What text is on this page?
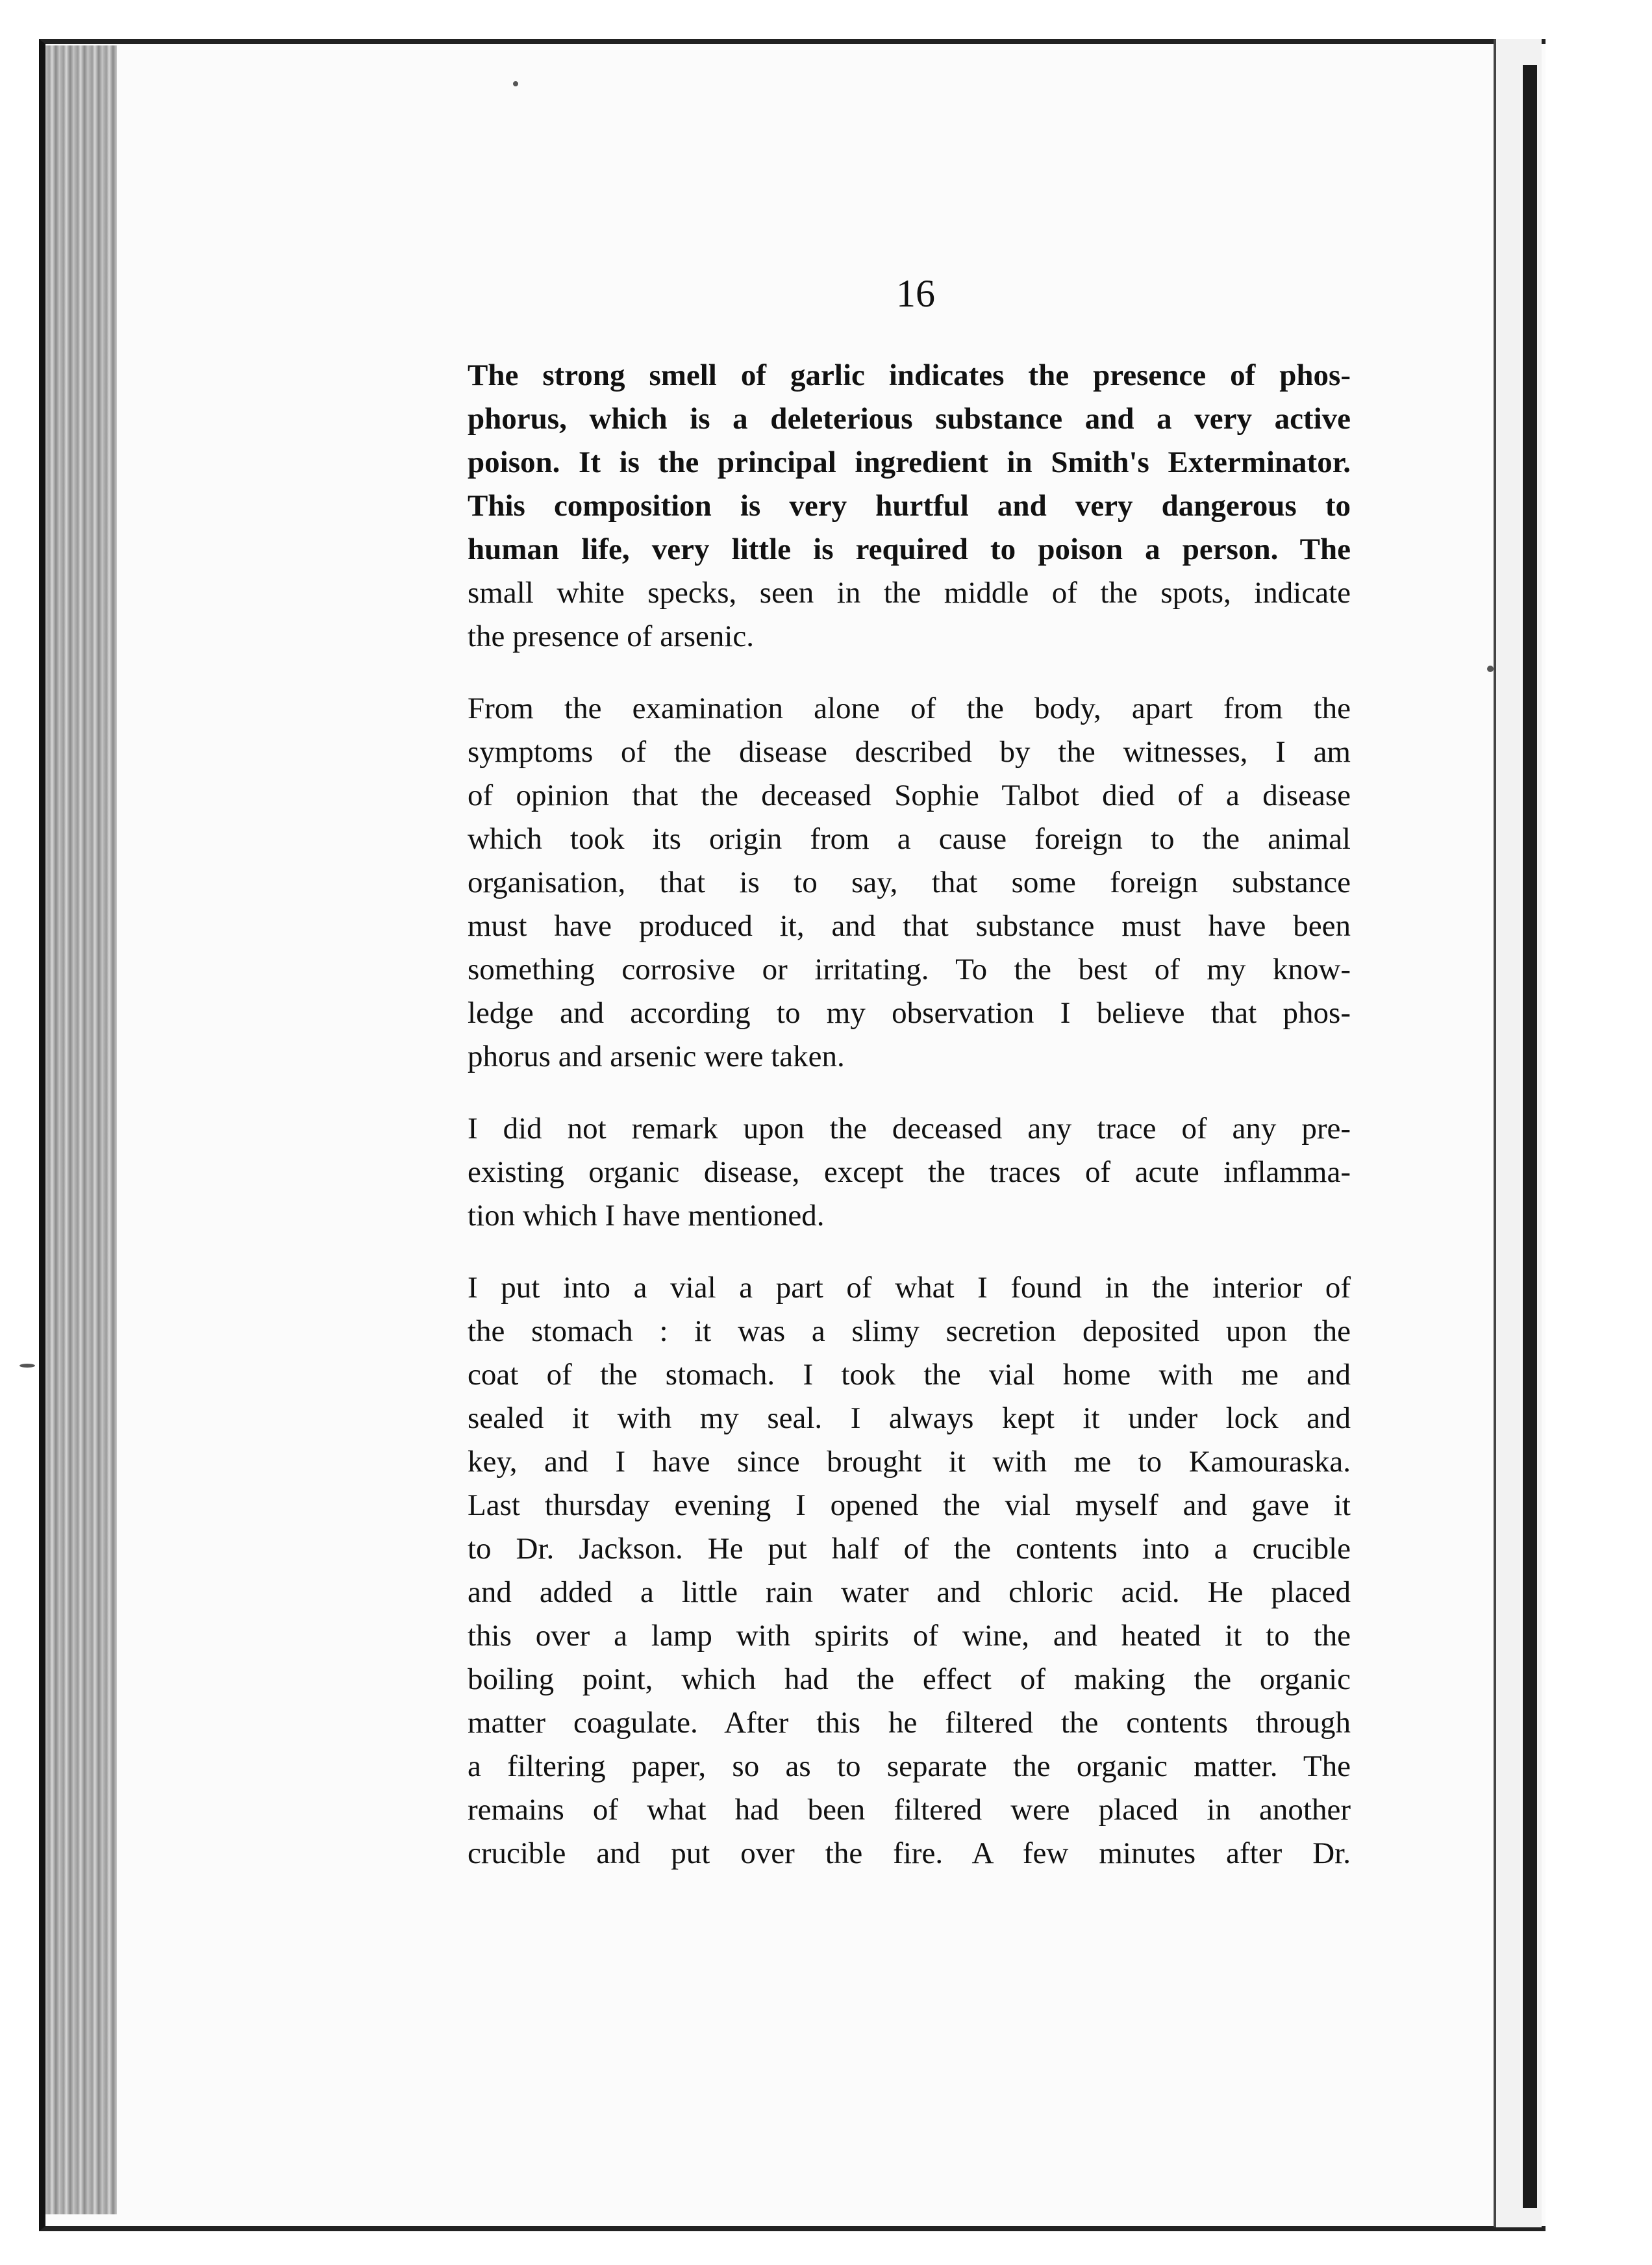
16
The strong smell of garlic indicates the presence of phos-
phorus, which is a deleterious substance and a very active
poison. It is the principal ingredient in Smith's Exterminator.
This composition is very hurtful and very dangerous to
human life, very little is required to poison a person. The
small white specks, seen in the middle of the spots, indicate
the presence of arsenic.
From the examination alone of the body, apart from the
symptoms of the disease described by the witnesses, I am
of opinion that the deceased Sophie Talbot died of a disease
which took its origin from a cause foreign to the animal
organisation, that is to say, that some foreign substance
must have produced it, and that substance must have been
something corrosive or irritating. To the best of my know-
ledge and according to my observation I believe that phos-
phorus and arsenic were taken.
I did not remark upon the deceased any trace of any pre-
existing organic disease, except the traces of acute inflamma-
tion which I have mentioned.
I put into a vial a part of what I found in the interior of
the stomach : it was a slimy secretion deposited upon the
coat of the stomach. I took the vial home with me and
sealed it with my seal. I always kept it under lock and
key, and I have since brought it with me to Kamouraska.
Last thursday evening I opened the vial myself and gave it
to Dr. Jackson. He put half of the contents into a crucible
and added a little rain water and chloric acid. He placed
this over a lamp with spirits of wine, and heated it to the
boiling point, which had the effect of making the organic
matter coagulate. After this he filtered the contents through
a filtering paper, so as to separate the organic matter. The
remains of what had been filtered were placed in another
crucible and put over the fire. A few minutes after Dr.
